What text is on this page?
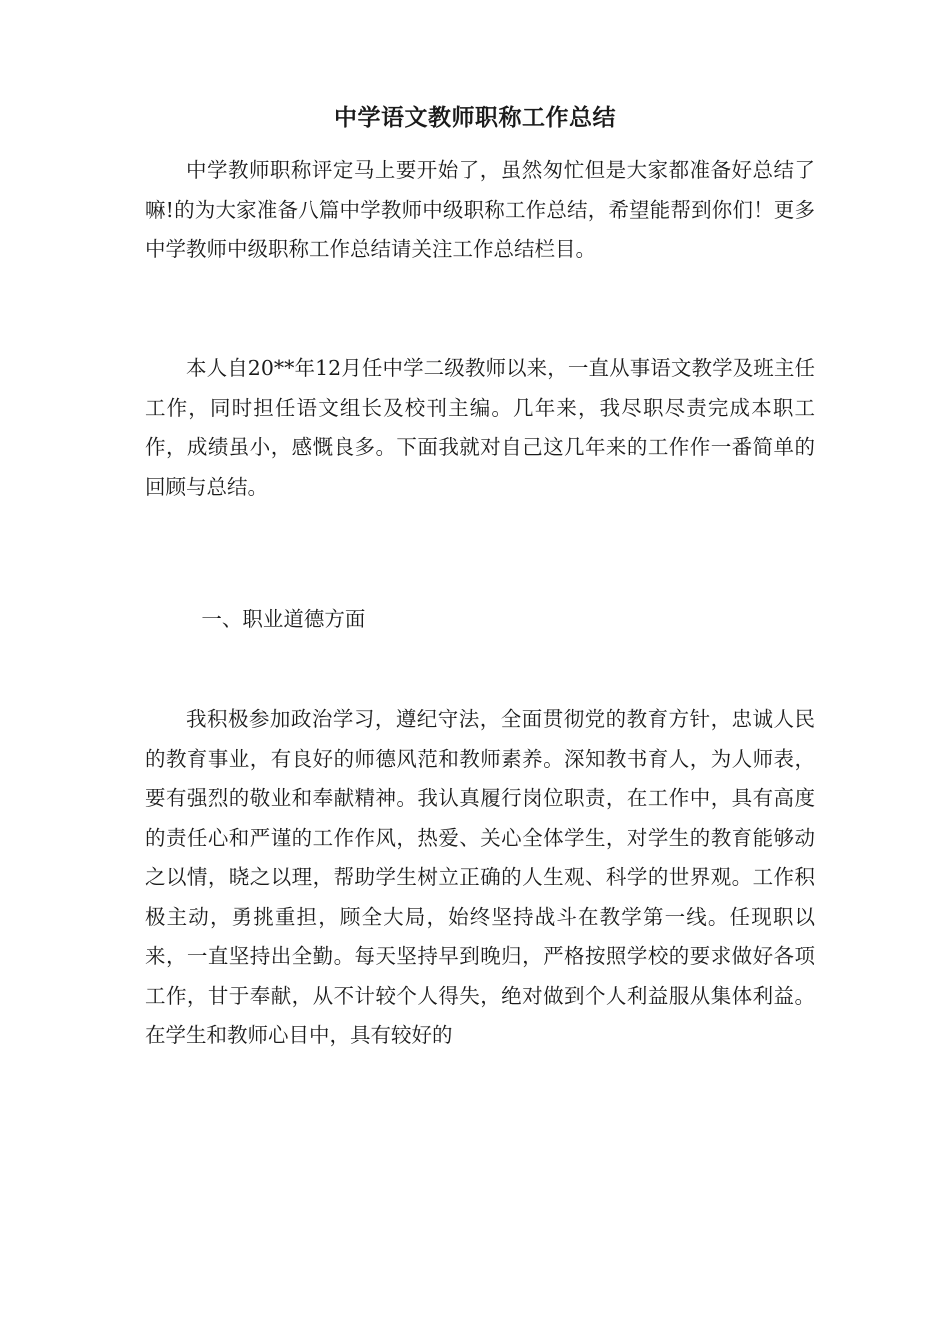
中学语文教师职称工作总结

中学教师职称评定马上要开始了，虽然匆忙但是大家都准备好总结了嘛!的为大家准备八篇中学教师中级职称工作总结，希望能帮到你们！更多中学教师中级职称工作总结请关注工作总结栏目。

本人自20**年12月任中学二级教师以来，一直从事语文教学及班主任工作，同时担任语文组长及校刊主编。几年来，我尽职尽责完成本职工作，成绩虽小，感慨良多。下面我就对自己这几年来的工作作一番简单的回顾与总结。

一、职业道德方面

我积极参加政治学习，遵纪守法，全面贯彻党的教育方针，忠诚人民的教育事业，有良好的师德风范和教师素养。深知教书育人，为人师表，要有强烈的敬业和奉献精神。我认真履行岗位职责，在工作中，具有高度的责任心和严谨的工作作风，热爱、关心全体学生，对学生的教育能够动之以情，晓之以理，帮助学生树立正确的人生观、科学的世界观。工作积极主动，勇挑重担，顾全大局，始终坚持战斗在教学第一线。任现职以来，一直坚持出全勤。每天坚持早到晚归，严格按照学校的要求做好各项工作，甘于奉献，从不计较个人得失，绝对做到个人利益服从集体利益。在学生和教师心目中，具有较好的
